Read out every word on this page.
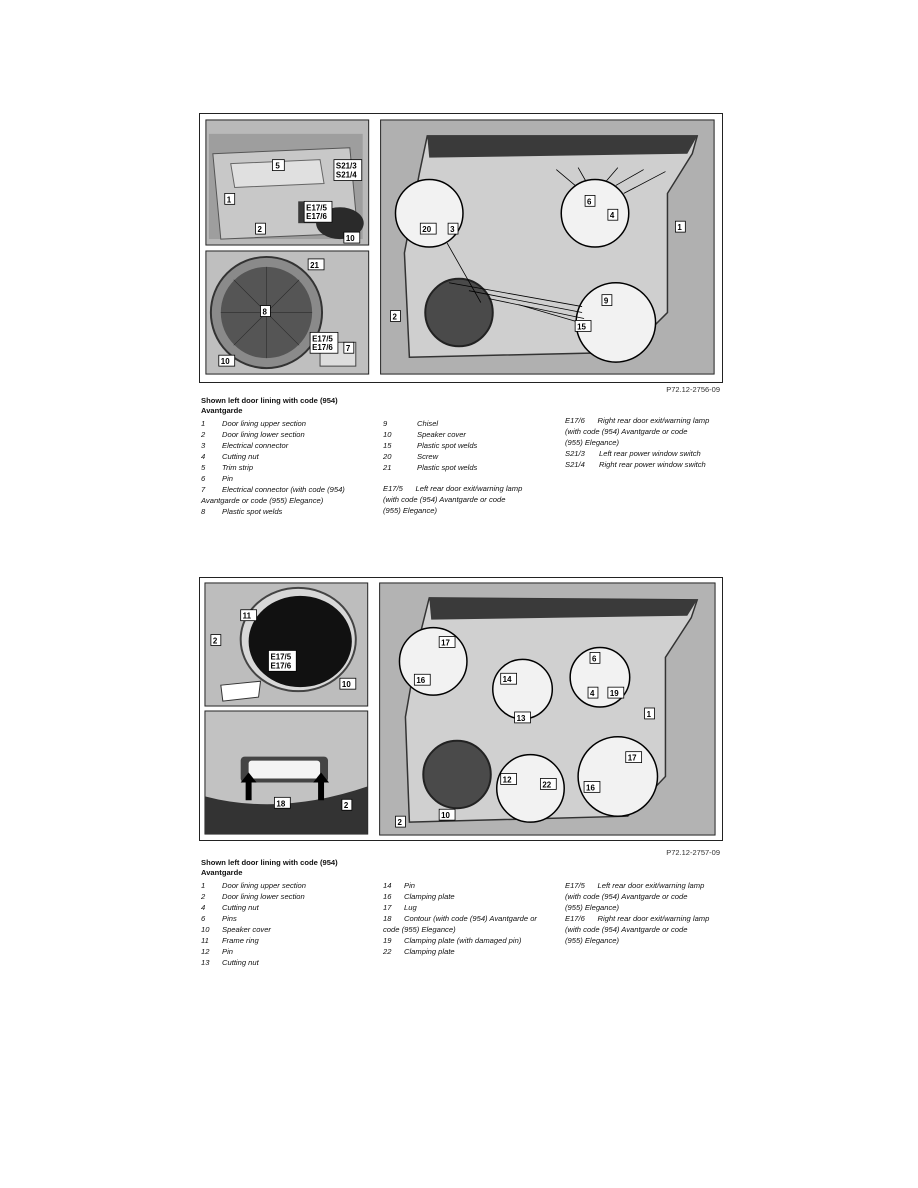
5	S21/3
S21/4
1
E17/5
E17/6
2
10
21
8
E17/5
E17/6
10
7
20 3
6
4
1
9
2
15
P72.12-2756-09
Shown left door lining with code (954)
Avantgarde
1	Door lining upper section
2	Door lining lower section
3	Electrical connector
4	Cutting nut
5	Trim strip
6	Pin
7	Electrical connector (with code (954)
Avantgarde or code (955) Elegance)
8	Plastic spot welds
9	Chisel
10	Speaker cover
15	Plastic spot welds
20	Screw
21	Plastic spot welds
E17/5      Left rear door exit/warning lamp
(with code (954) Avantgarde or code
(955) Elegance)
E17/6      Right rear door exit/warning lamp
(with code (954) Avantgarde or code
(955) Elegance)
S21/3	Left rear power window switch
S21/4	Right rear power window switch
11
2
E17/5
E17/6
10
18	2
17
16	14
13
6
4 19
1
12
22
10
2
17
16
P72.12-2757-09
Shown left door lining with code (954)
Avantgarde
1	Door lining upper section
2	Door lining lower section
4	Cutting nut
6	Pins
10	Speaker cover
11	Frame ring
12	Pin
13	Cutting nut
14	Pin
16	Clamping plate
17	Lug
18	Contour (with code (954) Avantgarde or
code (955) Elegance)
19	Clamping plate (with damaged pin)
22	Clamping plate
E17/5      Left rear door exit/warning lamp
(with code (954) Avantgarde or code
(955) Elegance)
E17/6      Right rear door exit/warning lamp
(with code (954) Avantgarde or code
(955) Elegance)
